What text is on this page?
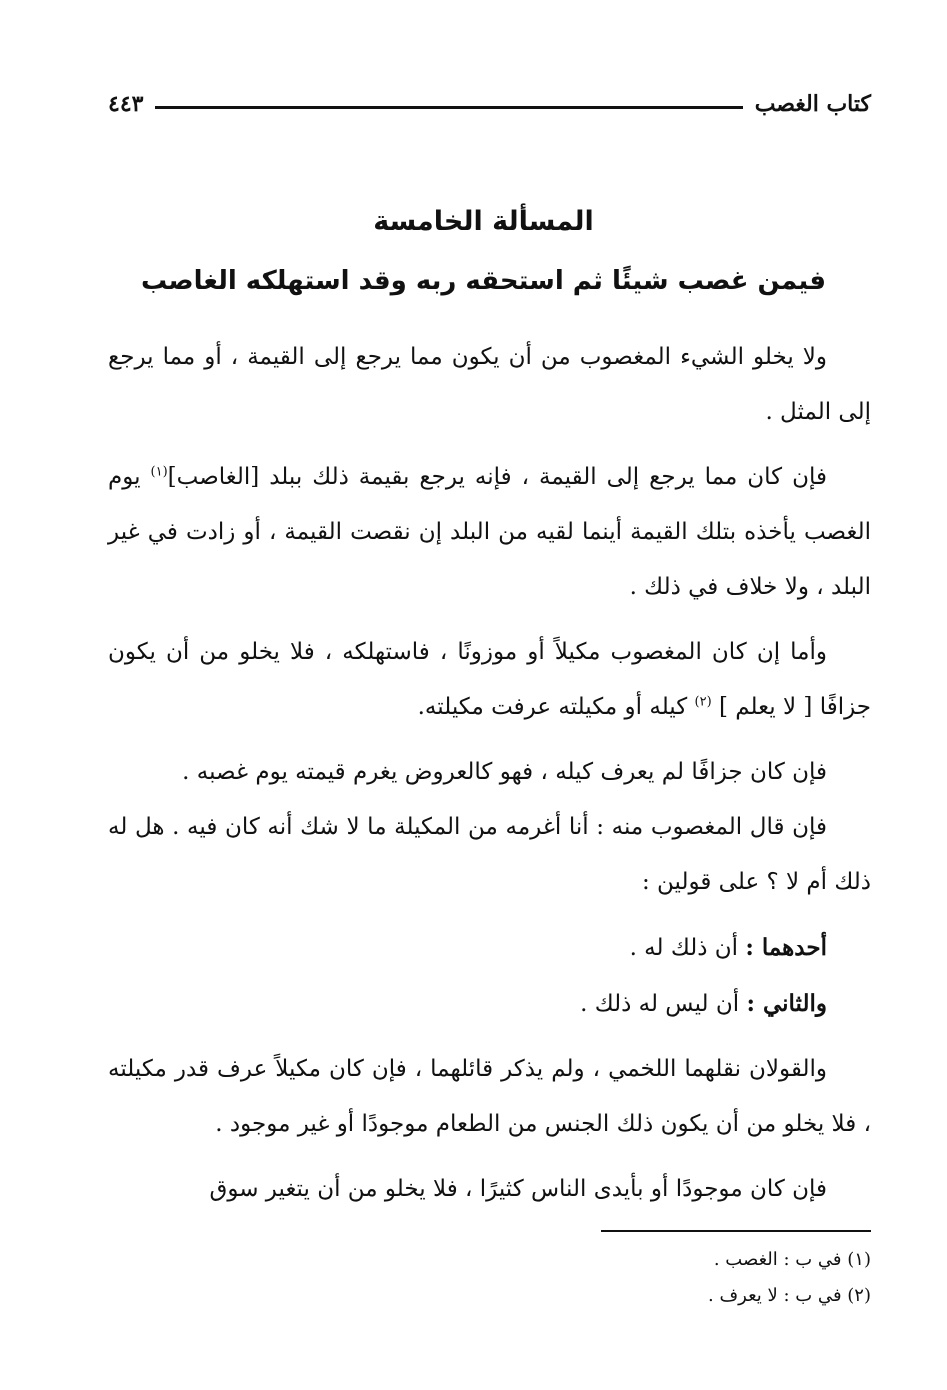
كتاب الغصب
٤٤٣
المسألة الخامسة
فيمن غصب شيئًا ثم استحقه ربه وقد استهلكه الغاصب

ولا يخلو الشيء المغصوب من أن يكون مما يرجع إلى القيمة ، أو مما يرجع إلى المثل .

فإن كان مما يرجع إلى القيمة ، فإنه يرجع بقيمة ذلك ببلد [الغاصب]$^{(١)}$ يوم الغصب يأخذه بتلك القيمة أينما لقيه من البلد إن نقصت القيمة ، أو زادت في غير البلد ، ولا خلاف في ذلك .

وأما إن كان المغصوب مكيلاً أو موزونًا ، فاستهلكه ، فلا يخلو من أن يكون جزافًا [ لا يعلم ] $^{(٢)}$ كيله أو مكيلته عرفت مكيلته.

فإن كان جزافًا لم يعرف كيله ، فهو كالعروض يغرم قيمته يوم غصبه .

فإن قال المغصوب منه : أنا أغرمه من المكيلة ما لا شك أنه كان فيه . هل له ذلك أم لا ؟ على قولين :

أحدهما : أن ذلك له .

والثاني : أن ليس له ذلك .

والقولان نقلهما اللخمي ، ولم يذكر قائلهما ، فإن كان مكيلاً عرف قدر مكيلته ، فلا يخلو من أن يكون ذلك الجنس من الطعام موجودًا أو غير موجود .

فإن كان موجودًا أو بأيدى الناس كثيرًا ، فلا يخلو من أن يتغير سوق

(١) في ب : الغصب .
(٢) في ب : لا يعرف .
